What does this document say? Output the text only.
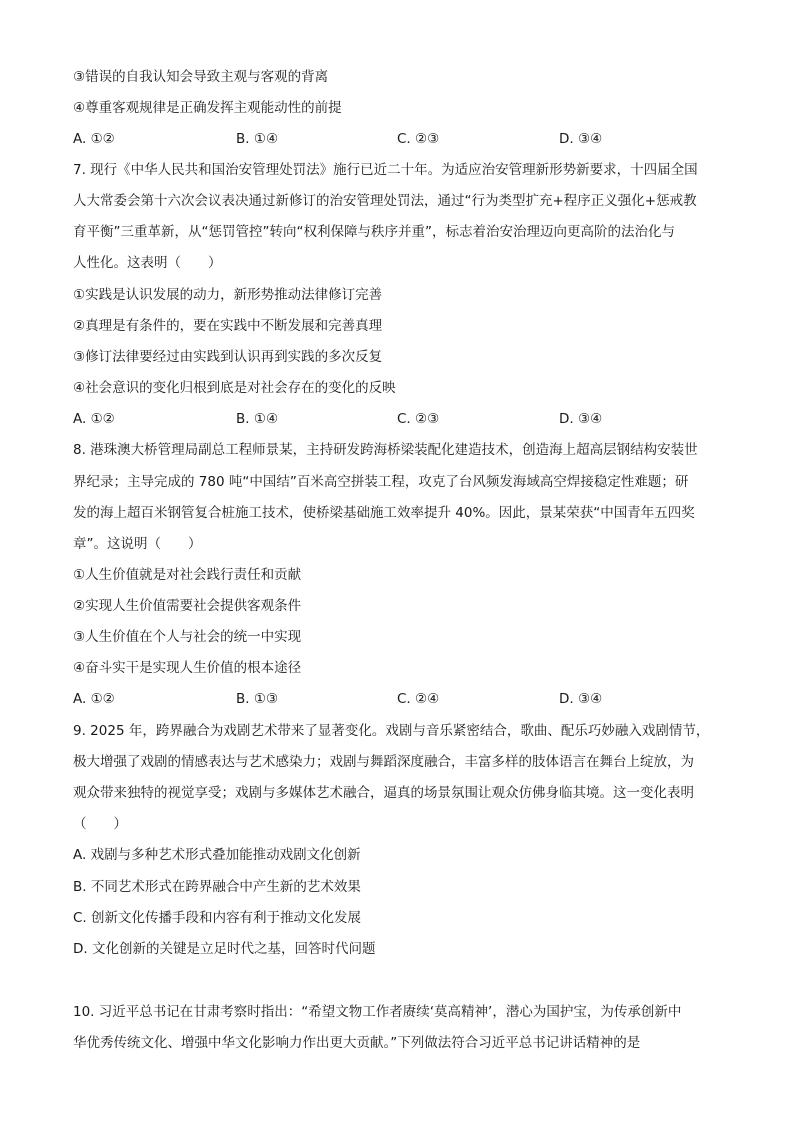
③错误的自我认知会导致主观与客观的背离
④尊重客观规律是正确发挥主观能动性的前提
A. ①②	B. ①④	C. ②③	D. ③④
7. 现行《中华人民共和国治安管理处罚法》施行已近二十年。为适应治安管理新形势新要求，十四届全国
人大常委会第十六次会议表决通过新修订的治安管理处罚法，通过“行为类型扩充+程序正义强化+惩戒教
育平衡”三重革新，从“惩罚管控”转向“权利保障与秩序并重”，标志着治安治理迈向更高阶的法治化与
人性化。这表明（　　）
①实践是认识发展的动力，新形势推动法律修订完善
②真理是有条件的，要在实践中不断发展和完善真理
③修订法律要经过由实践到认识再到实践的多次反复
④社会意识的变化归根到底是对社会存在的变化的反映
A. ①②	B. ①④	C. ②③	D. ③④
8. 港珠澳大桥管理局副总工程师景某，主持研发跨海桥梁装配化建造技术，创造海上超高层钢结构安装世
界纪录；主导完成的 780 吨“中国结”百米高空拼装工程，攻克了台风频发海域高空焊接稳定性难题；研
发的海上超百米钢管复合桩施工技术，使桥梁基础施工效率提升 40%。因此，景某荣获“中国青年五四奖
章”。这说明（　　）
①人生价值就是对社会践行责任和贡献
②实现人生价值需要社会提供客观条件
③人生价值在个人与社会的统一中实现
④奋斗实干是实现人生价值的根本途径
A. ①②	B. ①③	C. ②④	D. ③④
9. 2025 年，跨界融合为戏剧艺术带来了显著变化。戏剧与音乐紧密结合，歌曲、配乐巧妙融入戏剧情节，
极大增强了戏剧的情感表达与艺术感染力；戏剧与舞蹈深度融合，丰富多样的肢体语言在舞台上绽放，为
观众带来独特的视觉享受；戏剧与多媒体艺术融合，逼真的场景氛围让观众仿佛身临其境。这一变化表明
（　　）
A. 戏剧与多种艺术形式叠加能推动戏剧文化创新
B. 不同艺术形式在跨界融合中产生新的艺术效果
C. 创新文化传播手段和内容有利于推动文化发展
D. 文化创新的关键是立足时代之基，回答时代问题
10. 习近平总书记在甘肃考察时指出：“希望文物工作者赓续‘莫高精神’，潜心为国护宝，为传承创新中
华优秀传统文化、增强中华文化影响力作出更大贡献。”下列做法符合习近平总书记讲话精神的是
